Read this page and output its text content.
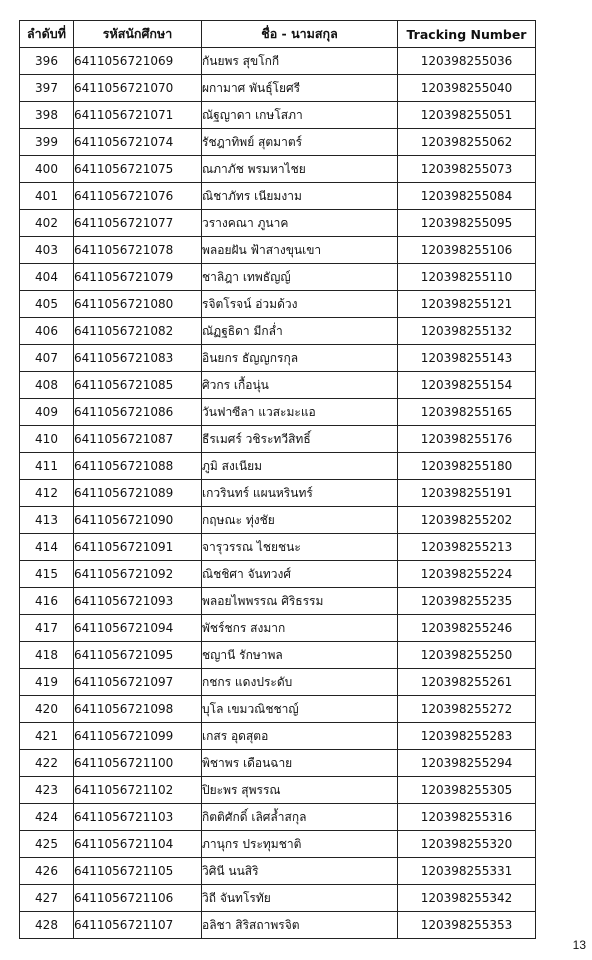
ลำดับที่	รหัสนักศึกษา	ชื่อ - นามสกุล	Tracking Number
396	6411056721069	กันยพร สุขโกกี	120398255036
397	6411056721070	ผกามาศ พันธุ์โยศรี	120398255040
398	6411056721071	ณัฐญาดา เกษโสภา	120398255051
399	6411056721074	รัชฎาทิพย์ สุตมาตร์	120398255062
400	6411056721075	ณภาภัช พรมหาไชย	120398255073
401	6411056721076	ณิชาภัทร เนียมงาม	120398255084
402	6411056721077	วรางคณา ภูนาค	120398255095
403	6411056721078	พลอยฝัน ฟ้าสางขุนเขา	120398255106
404	6411056721079	ชาลิฎา เทพธัญญ์	120398255110
405	6411056721080	รจิตโรจน์ อ่วมด้วง	120398255121
406	6411056721082	ณัฏฐธิดา มีกล่ำ	120398255132
407	6411056721083	อินยกร ธัญญกรกุล	120398255143
408	6411056721085	ศิวกร เกื้อนุ่น	120398255154
409	6411056721086	วันฟาซีลา แวสะมะแอ	120398255165
410	6411056721087	ธีรเมศร์ วชิระทวีสิทธิ์	120398255176
411	6411056721088	ภูมิ สงเนียม	120398255180
412	6411056721089	เกวรินทร์ แผนหรินทร์	120398255191
413	6411056721090	กฤษณะ ทุ่งชัย	120398255202
414	6411056721091	จารุวรรณ ไชยชนะ	120398255213
415	6411056721092	ณิชชิศา จันทวงศ์	120398255224
416	6411056721093	พลอยไพพรรณ ศิริธรรม	120398255235
417	6411056721094	พัชร์ชกร สงมาก	120398255246
418	6411056721095	ชญานี รักษาพล	120398255250
419	6411056721097	กชกร แดงประดับ	120398255261
420	6411056721098	บุโล เขมวณิชชาญ์	120398255272
421	6411056721099	เกสร อุดสุตอ	120398255283
422	6411056721100	พิชาพร เดือนฉาย	120398255294
423	6411056721102	ปิยะพร สุพรรณ	120398255305
424	6411056721103	กิตติศักดิ์ เลิศล้ำสกุล	120398255316
425	6411056721104	ภานุกร ประทุมชาติ	120398255320
426	6411056721105	วิศินี นนสิริ	120398255331
427	6411056721106	วิถี จันทโรทัย	120398255342
428	6411056721107	อลิชา สิริสถาพรจิต	120398255353
13
